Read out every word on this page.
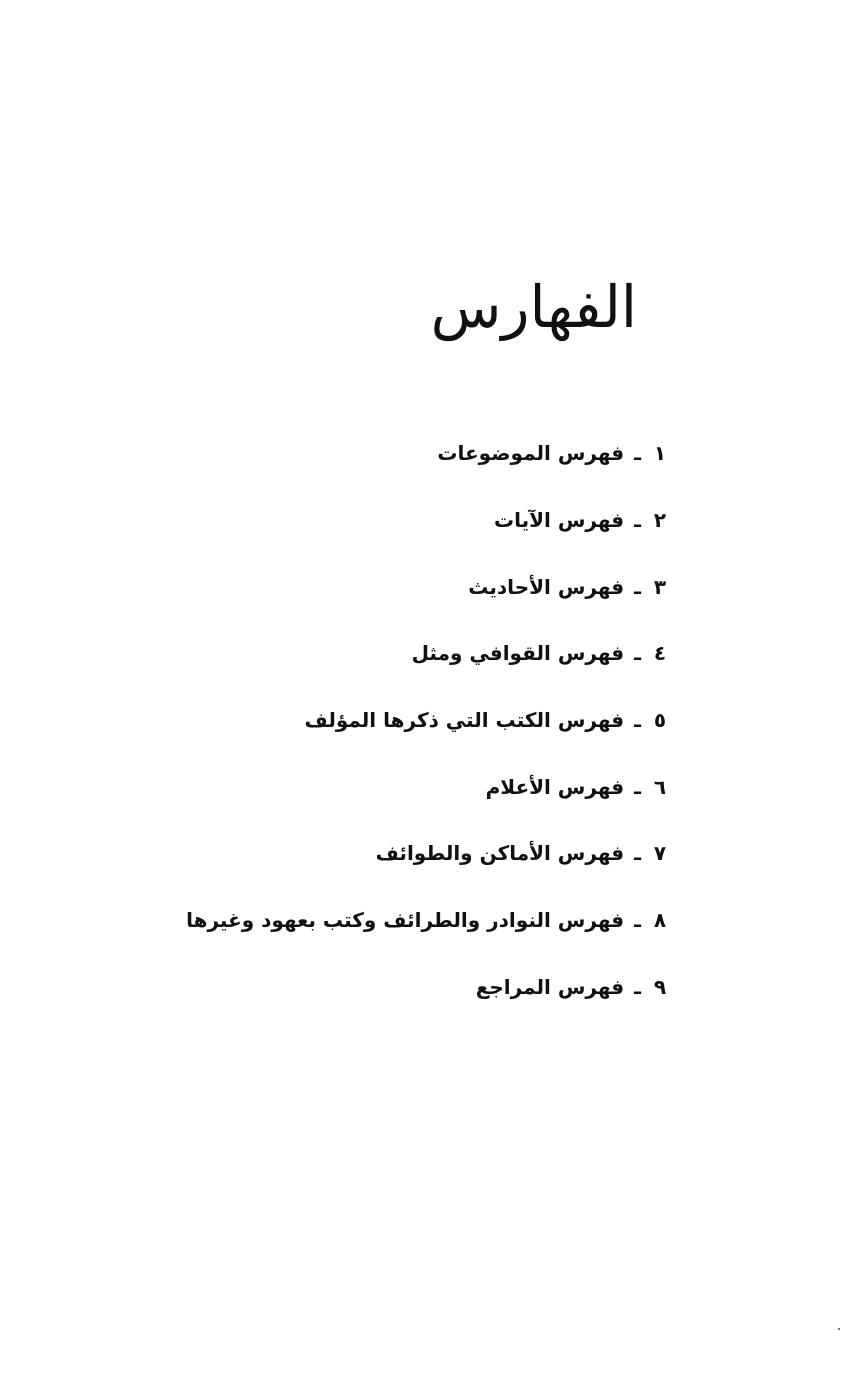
الفهارس
١
ـ
فهرس الموضوعات
٢
ـ
فهرس الآيات
٣
ـ
فهرس الأحاديث
٤
ـ
فهرس القوافي ومثل
٥
ـ
فهرس الكتب التي ذكرها المؤلف
٦
ـ
فهرس الأعلام
٧
ـ
فهرس الأماكن والطوائف
٨
ـ
فهرس النوادر والطرائف وكتب بعهود وغيرها
٩
ـ
فهرس المراجع
